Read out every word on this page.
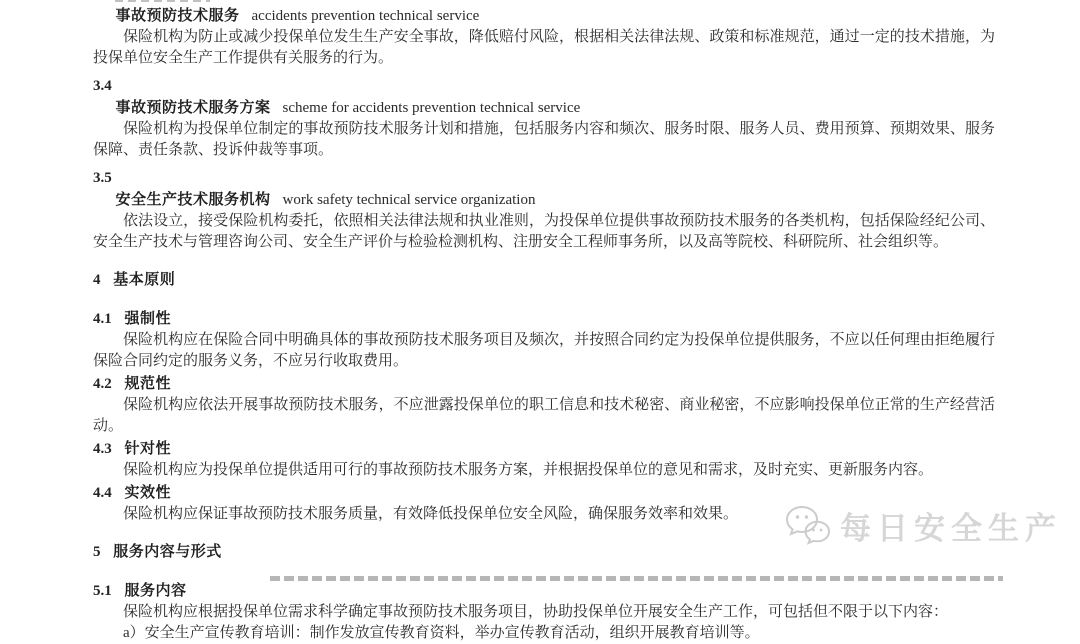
事故预防技术服务 accidents prevention technical service

保险机构为防止或减少投保单位发生生产安全事故，降低赔付风险，根据相关法律法规、政策和标准规范，通过一定的技术措施，为投保单位安全生产工作提供有关服务的行为。

3.4

事故预防技术服务方案 scheme for accidents prevention technical service

保险机构为投保单位制定的事故预防技术服务计划和措施，包括服务内容和频次、服务时限、服务人员、费用预算、预期效果、服务保障、责任条款、投诉仲裁等事项。

3.5

安全生产技术服务机构 work safety technical service organization

依法设立，接受保险机构委托，依照相关法律法规和执业准则，为投保单位提供事故预防技术服务的各类机构，包括保险经纪公司、安全生产技术与管理咨询公司、安全生产评价与检验检测机构、注册安全工程师事务所，以及高等院校、科研院所、社会组织等。

4 基本原则

4.1 强制性

保险机构应在保险合同中明确具体的事故预防技术服务项目及频次，并按照合同约定为投保单位提供服务，不应以任何理由拒绝履行保险合同约定的服务义务，不应另行收取费用。

4.2 规范性

保险机构应依法开展事故预防技术服务，不应泄露投保单位的职工信息和技术秘密、商业秘密，不应影响投保单位正常的生产经营活动。

4.3 针对性

保险机构应为投保单位提供适用可行的事故预防技术服务方案，并根据投保单位的意见和需求，及时充实、更新服务内容。

4.4 实效性

保险机构应保证事故预防技术服务质量，有效降低投保单位安全风险，确保服务效率和效果。

5 服务内容与形式

5.1 服务内容

保险机构应根据投保单位需求科学确定事故预防技术服务项目，协助投保单位开展安全生产工作，可包括但不限于以下内容：

a）安全生产宣传教育培训：制作发放宣传教育资料，举办宣传教育活动，组织开展教育培训等。

每日安全生产
